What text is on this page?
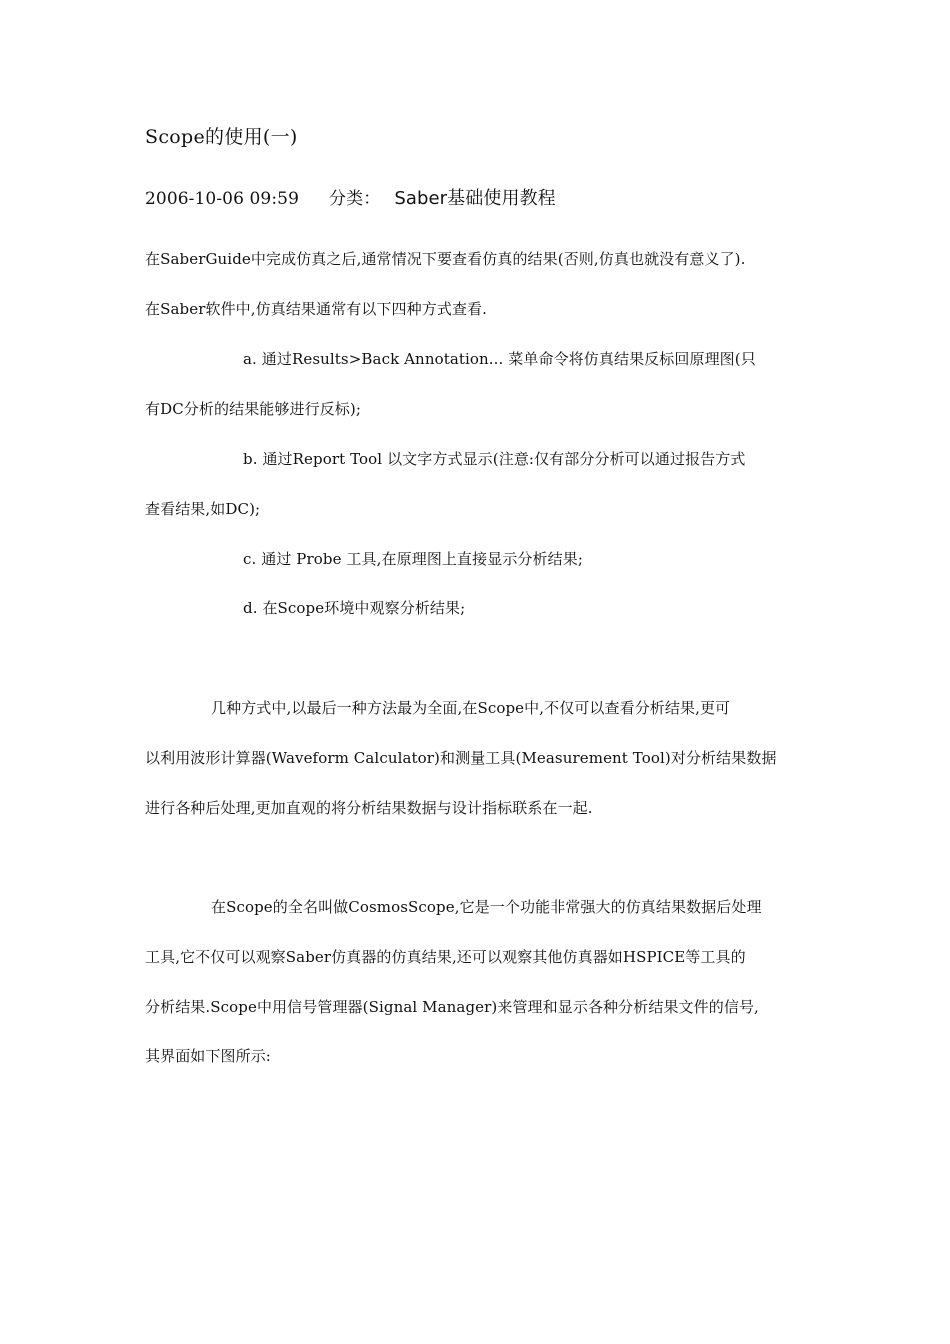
Scope的使用(一)
2006-10-06 09:59 分类： Saber基础使用教程
在SaberGuide中完成仿真之后,通常情况下要查看仿真的结果(否则,仿真也就没有意义了).
在Saber软件中,仿真结果通常有以下四种方式查看.
a. 通过Results>Back Annotation... 菜单命令将仿真结果反标回原理图(只
有DC分析的结果能够进行反标);
b. 通过Report Tool 以文字方式显示(注意:仅有部分分析可以通过报告方式
查看结果,如DC);
c. 通过 Probe 工具,在原理图上直接显示分析结果;
d. 在Scope环境中观察分析结果;
几种方式中,以最后一种方法最为全面,在Scope中,不仅可以查看分析结果,更可
以利用波形计算器(Waveform Calculator)和测量工具(Measurement Tool)对分析结果数据
进行各种后处理,更加直观的将分析结果数据与设计指标联系在一起.
在Scope的全名叫做CosmosScope,它是一个功能非常强大的仿真结果数据后处理
工具,它不仅可以观察Saber仿真器的仿真结果,还可以观察其他仿真器如HSPICE等工具的
分析结果.Scope中用信号管理器(Signal Manager)来管理和显示各种分析结果文件的信号,
其界面如下图所示:
